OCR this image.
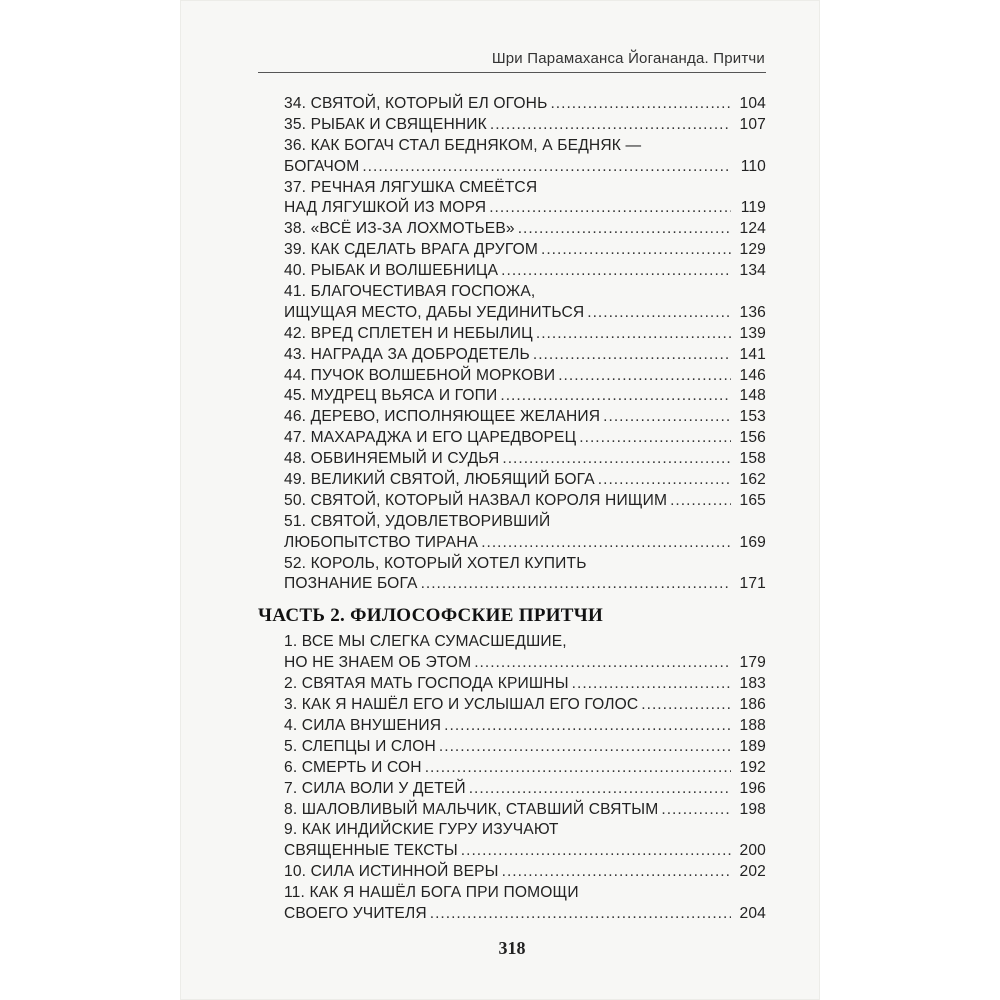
Шри Парамаханса Йогананда. Притчи
34. СВЯТОЙ, КОТОРЫЙ ЕЛ ОГОНЬ .....	104
35. РЫБАК И СВЯЩЕННИК .....	107
36. КАК БОГАЧ СТАЛ БЕДНЯКОМ, А БЕДНЯК —
БОГАЧОМ .....	110
37. РЕЧНАЯ ЛЯГУШКА СМЕЁТСЯ
НАД ЛЯГУШКОЙ ИЗ МОРЯ .....	119
38. «ВСЁ ИЗ-ЗА ЛОХМОТЬЕВ» .....	124
39. КАК СДЕЛАТЬ ВРАГА ДРУГОМ .....	129
40. РЫБАК И ВОЛШЕБНИЦА .....	134
41. БЛАГОЧЕСТИВАЯ ГОСПОЖА,
ИЩУЩАЯ МЕСТО, ДАБЫ УЕДИНИТЬСЯ .....	136
42. ВРЕД СПЛЕТЕН И НЕБЫЛИЦ .....	139
43. НАГРАДА ЗА ДОБРОДЕТЕЛЬ .....	141
44. ПУЧОК ВОЛШЕБНОЙ МОРКОВИ .....	146
45. МУДРЕЦ ВЬЯСА И ГОПИ .....	148
46. ДЕРЕВО, ИСПОЛНЯЮЩЕЕ ЖЕЛАНИЯ .....	153
47. МАХАРАДЖА И ЕГО ЦАРЕДВОРЕЦ .....	156
48. ОБВИНЯЕМЫЙ И СУДЬЯ .....	158
49. ВЕЛИКИЙ СВЯТОЙ, ЛЮБЯЩИЙ БОГА .....	162
50. СВЯТОЙ, КОТОРЫЙ НАЗВАЛ КОРОЛЯ НИЩИМ .....	165
51. СВЯТОЙ, УДОВЛЕТВОРИВШИЙ
ЛЮБОПЫТСТВО ТИРАНА .....	169
52. КОРОЛЬ, КОТОРЫЙ ХОТЕЛ КУПИТЬ
ПОЗНАНИЕ БОГА .....	171
ЧАСТЬ 2. ФИЛОСОФСКИЕ ПРИТЧИ
1. ВСЕ МЫ СЛЕГКА СУМАСШЕДШИЕ,
НО НЕ ЗНАЕМ ОБ ЭТОМ .....	179
2. СВЯТАЯ МАТЬ ГОСПОДА КРИШНЫ .....	183
3. КАК Я НАШЁЛ ЕГО И УСЛЫШАЛ ЕГО ГОЛОС .....	186
4. СИЛА ВНУШЕНИЯ .....	188
5. СЛЕПЦЫ И СЛОН .....	189
6. СМЕРТЬ И СОН .....	192
7. СИЛА ВОЛИ У ДЕТЕЙ .....	196
8. ШАЛОВЛИВЫЙ МАЛЬЧИК, СТАВШИЙ СВЯТЫМ .....	198
9. КАК ИНДИЙСКИЕ ГУРУ ИЗУЧАЮТ
СВЯЩЕННЫЕ ТЕКСТЫ .....	200
10. СИЛА ИСТИННОЙ ВЕРЫ .....	202
11. КАК Я НАШЁЛ БОГА ПРИ ПОМОЩИ
СВОЕГО УЧИТЕЛЯ .....	204
318
